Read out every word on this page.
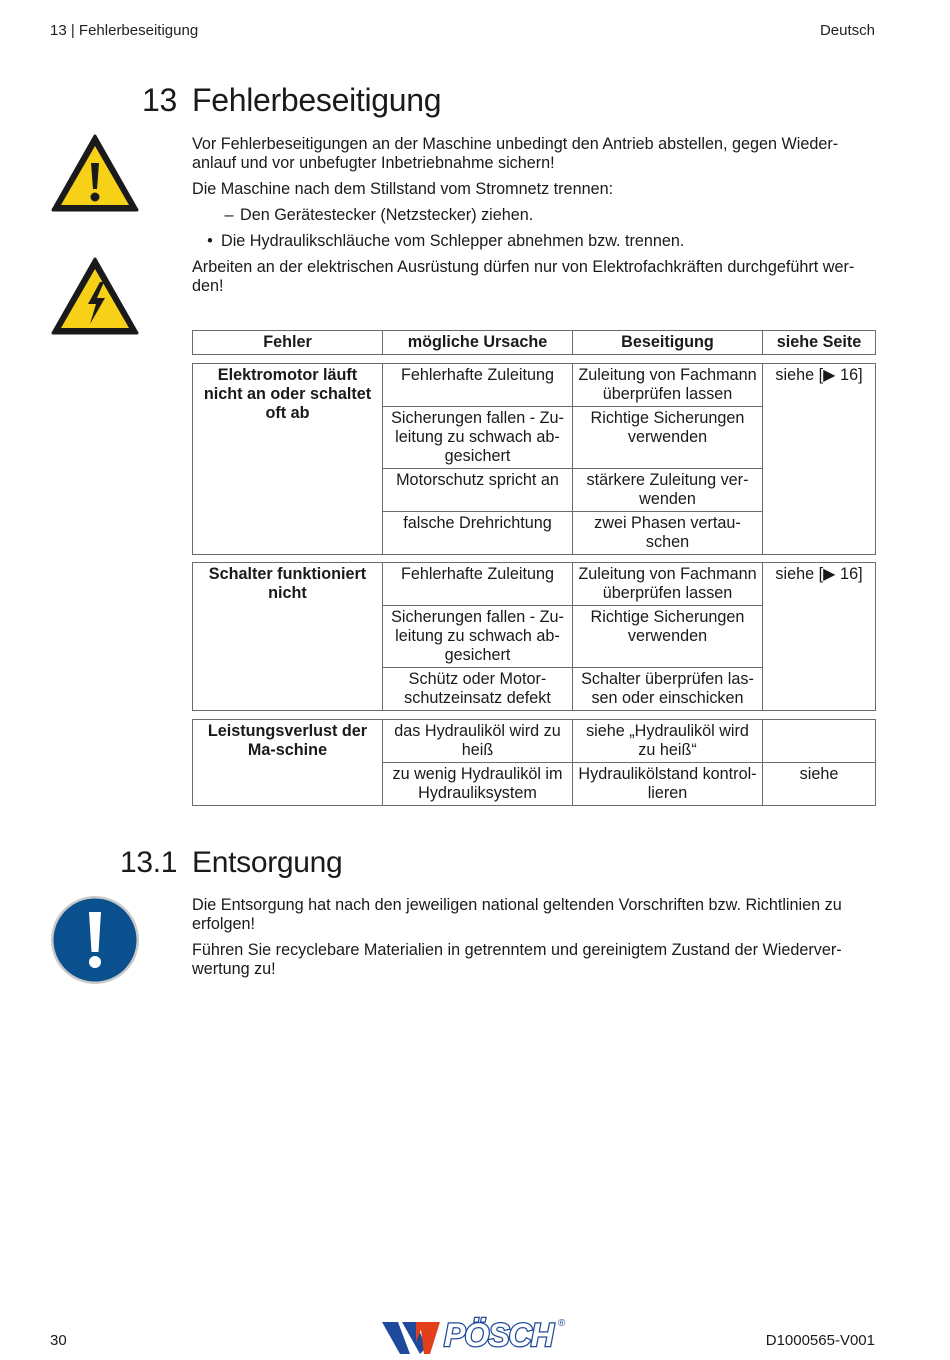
13 | Fehlerbeseitigung	Deutsch
13 Fehlerbeseitigung
Vor Fehlerbeseitigungen an der Maschine unbedingt den Antrieb abstellen, gegen Wieder-
anlauf und vor unbefugter Inbetriebnahme sichern!
Die Maschine nach dem Stillstand vom Stromnetz trennen:
– Den Gerätestecker (Netzstecker) ziehen.
• Die Hydraulikschläuche vom Schlepper abnehmen bzw. trennen.
Arbeiten an der elektrischen Ausrüstung dürfen nur von Elektrofachkräften durchgeführt wer-
den!
Fehler	mögliche Ursache	Beseitigung	siehe Seite
Elektromotor läuft nicht an oder schaltet oft ab	Fehlerhafte Zuleitung	Zuleitung von Fachmann überprüfen lassen	siehe [▶ 16]
	Sicherungen fallen - Zu-leitung zu schwach ab-gesichert	Richtige Sicherungen verwenden	
	Motorschutz spricht an	stärkere Zuleitung ver-wenden	
	falsche Drehrichtung	zwei Phasen vertau-schen	
Schalter funktioniert nicht	Fehlerhafte Zuleitung	Zuleitung von Fachmann überprüfen lassen	siehe [▶ 16]
	Sicherungen fallen - Zu-leitung zu schwach ab-gesichert	Richtige Sicherungen verwenden	
	Schütz oder Motor-schutzeinsatz defekt	Schalter überprüfen las-sen oder einschicken	
Leistungsverlust der Ma-schine	das Hydrauliköl wird zu heiß	siehe „Hydrauliköl wird zu heiß“	
	zu wenig Hydrauliköl im Hydrauliksystem	Hydraulikölstand kontrol-lieren	siehe
13.1 Entsorgung
Die Entsorgung hat nach den jeweiligen national geltenden Vorschriften bzw. Richtlinien zu
erfolgen!
Führen Sie recyclebare Materialien in getrenntem und gereinigtem Zustand der Wiederver-
wertung zu!
30	PÖSCH ®
D1000565-V001
